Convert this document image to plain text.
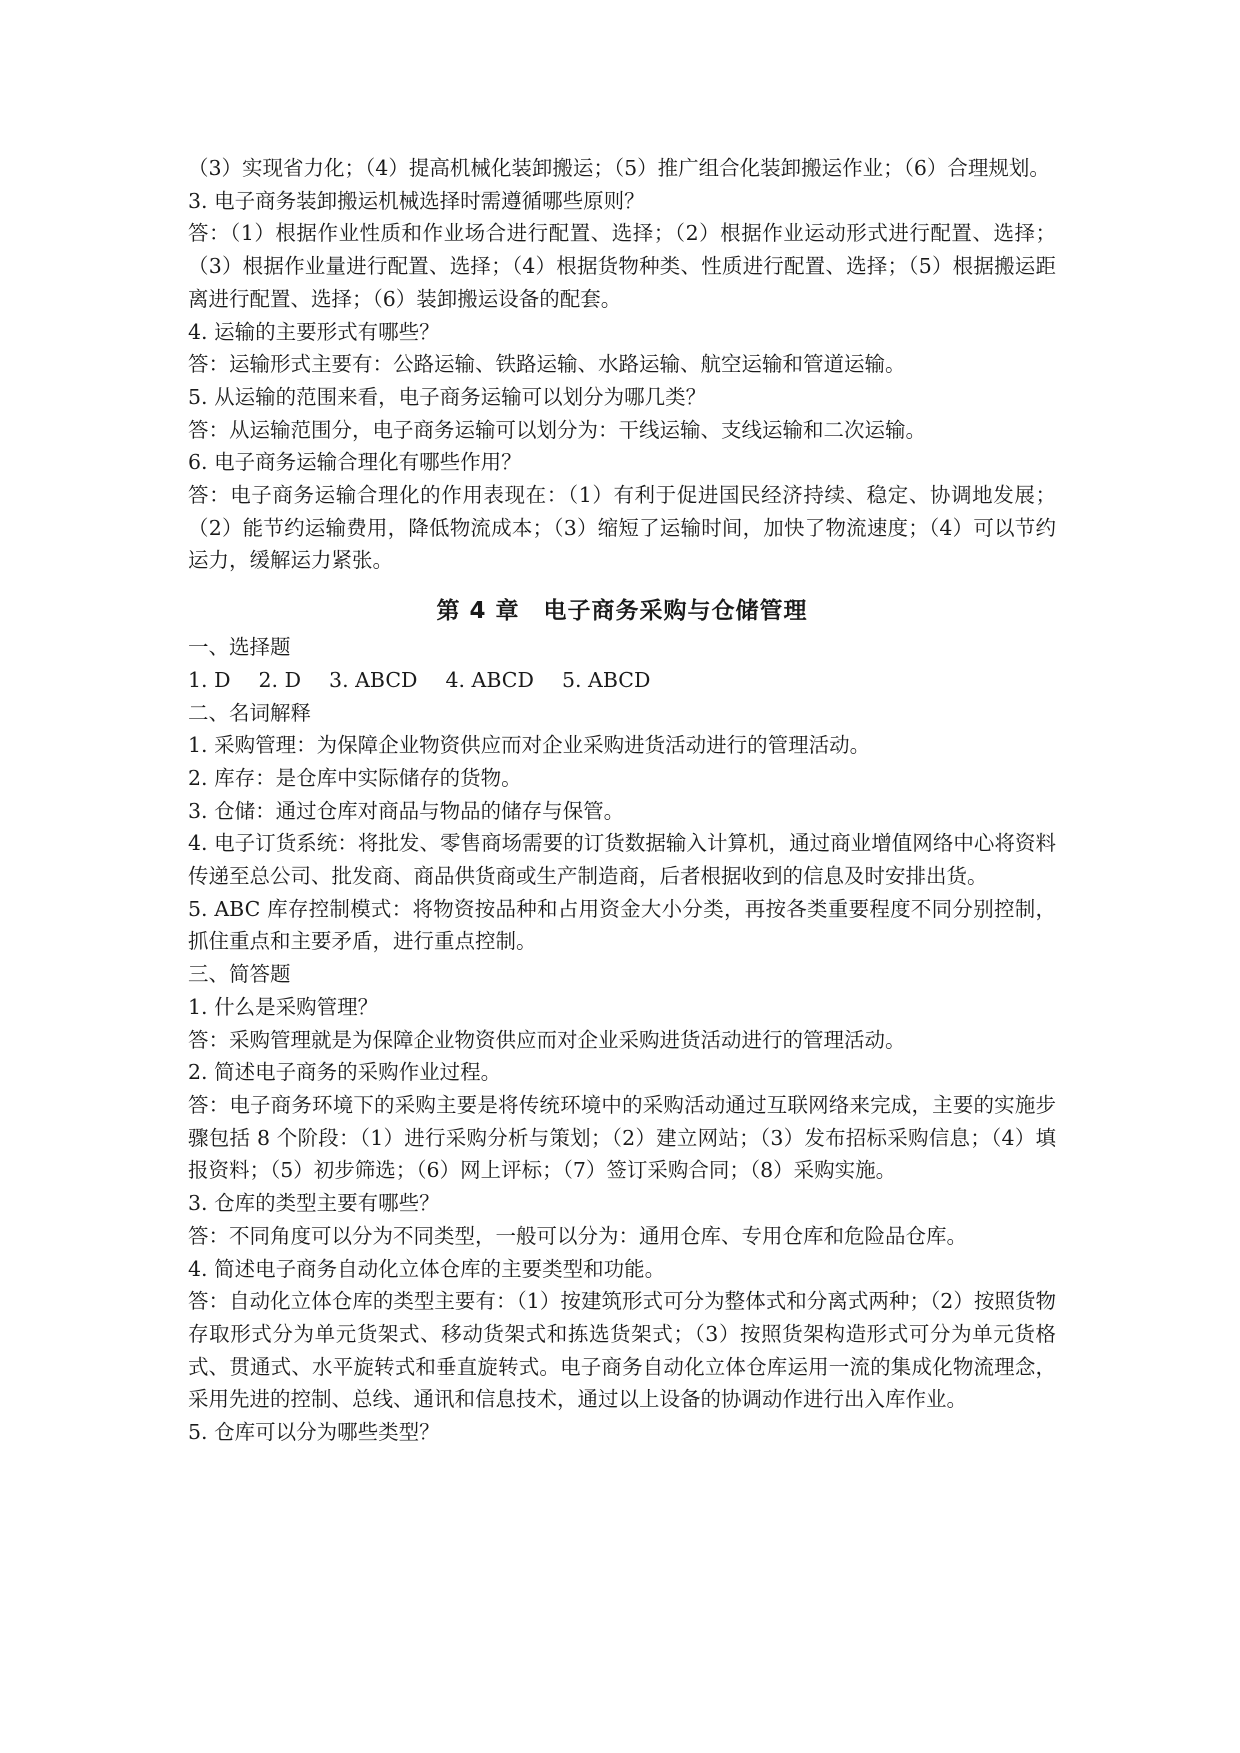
（3）实现省力化；（4）提高机械化装卸搬运；（5）推广组合化装卸搬运作业；（6）合理规划。

3. 电子商务装卸搬运机械选择时需遵循哪些原则？

答：（1）根据作业性质和作业场合进行配置、选择；（2）根据作业运动形式进行配置、选择；（3）根据作业量进行配置、选择；（4）根据货物种类、性质进行配置、选择；（5）根据搬运距离进行配置、选择；（6）装卸搬运设备的配套。

4. 运输的主要形式有哪些？

答：运输形式主要有：公路运输、铁路运输、水路运输、航空运输和管道运输。

5. 从运输的范围来看，电子商务运输可以划分为哪几类？

答：从运输范围分，电子商务运输可以划分为：干线运输、支线运输和二次运输。

6. 电子商务运输合理化有哪些作用？

答：电子商务运输合理化的作用表现在：（1）有利于促进国民经济持续、稳定、协调地发展；（2）能节约运输费用，降低物流成本；（3）缩短了运输时间，加快了物流速度；（4）可以节约运力，缓解运力紧张。

第 4 章　电子商务采购与仓储管理

一、选择题

1. D 2. D 3. ABCD 4. ABCD 5. ABCD

二、名词解释

1. 采购管理：为保障企业物资供应而对企业采购进货活动进行的管理活动。

2. 库存：是仓库中实际储存的货物。

3. 仓储：通过仓库对商品与物品的储存与保管。

4. 电子订货系统：将批发、零售商场需要的订货数据输入计算机，通过商业增值网络中心将资料传递至总公司、批发商、商品供货商或生产制造商，后者根据收到的信息及时安排出货。

5. ABC 库存控制模式：将物资按品种和占用资金大小分类，再按各类重要程度不同分别控制，抓住重点和主要矛盾，进行重点控制。

三、简答题

1. 什么是采购管理？

答：采购管理就是为保障企业物资供应而对企业采购进货活动进行的管理活动。

2. 简述电子商务的采购作业过程。

答：电子商务环境下的采购主要是将传统环境中的采购活动通过互联网络来完成，主要的实施步骤包括 8 个阶段：（1）进行采购分析与策划；（2）建立网站；（3）发布招标采购信息；（4）填报资料；（5）初步筛选；（6）网上评标；（7）签订采购合同；（8）采购实施。

3. 仓库的类型主要有哪些？

答：不同角度可以分为不同类型，一般可以分为：通用仓库、专用仓库和危险品仓库。

4. 简述电子商务自动化立体仓库的主要类型和功能。

答：自动化立体仓库的类型主要有：（1）按建筑形式可分为整体式和分离式两种；（2）按照货物存取形式分为单元货架式、移动货架式和拣选货架式；（3）按照货架构造形式可分为单元货格式、贯通式、水平旋转式和垂直旋转式。电子商务自动化立体仓库运用一流的集成化物流理念，采用先进的控制、总线、通讯和信息技术，通过以上设备的协调动作进行出入库作业。

5. 仓库可以分为哪些类型？
